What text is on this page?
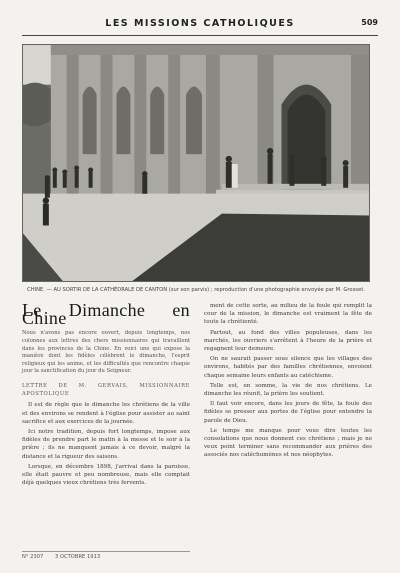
LES MISSIONS CATHOLIQUES	509
CHINE. — AU SORTIR DE LA CATHÉDRALE DE CANTON (sur son parvis) ; reproduction d'une photographie envoyée par M. Grosset.
Le Dimanche en Chine
Nous n'avons pas encore ouvert, depuis longtemps, nos colonnes aux lettres des chers missionnaires qui travaillent dans les provinces de la Chine. En voici une qui expose la manière dont les fidèles célèbrent le dimanche, l'esprit religieux qui les anime, et les difficultés que rencontre chaque jour la sanctification du jour du Seigneur.
LETTRE DE M. GERVAIS, MISSIONNAIRE APOSTOLIQUE

Il est de règle que le dimanche les chrétiens de la ville et des environs se rendent à l'église pour assister au saint sacrifice et aux exercices de la journée.

Ici notre tradition, depuis fort longtemps, impose aux fidèles de prendre part le matin à la messe et le soir à la prière ; ils ne manquent jamais à ce devoir, malgré la distance et la rigueur des saisons.

Lorsque, en décembre 1898, j'arrivai dans la paroisse, elle était pauvre et peu nombreuse, mais elle comptait déjà quelques vieux chrétiens très fervents.

ment de cette sorte, au milieu de la foule qui remplit la cour de la mission, le dimanche est vraiment la fête de toute la chrétienté.

Partout, au fond des villes populeuses, dans les marchés, les ouvriers s'arrêtent à l'heure de la prière et regagnent leur demeure.

On ne saurait passer sous silence que les villages des environs, habités par des familles chrétiennes, envoient chaque semaine leurs enfants au catéchisme.

Telle est, en somme, la vie de nos chrétiens. Le dimanche les réunit, la prière les soutient.

Il faut voir encore, dans les jours de fête, la foule des fidèles se presser aux portes de l'église pour entendre la parole de Dieu.

Le temps me manque pour vous dire toutes les consolations que nous donnent ces chrétiens ; mais je ne veux point terminer sans recommander aux prières des associés nos catéchumènes et nos néophytes.

N° 2307 3 OCTOBRE 1913
